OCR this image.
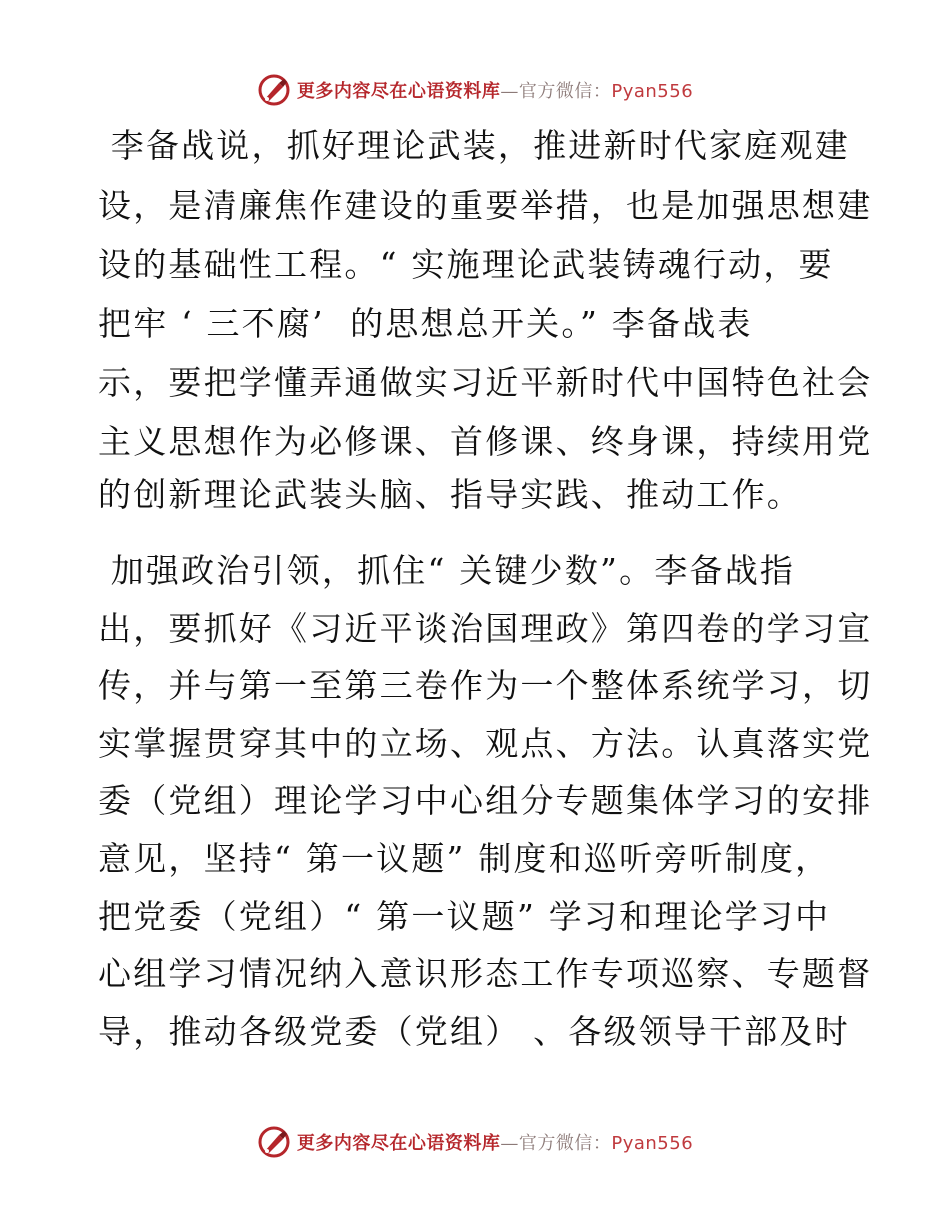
更多内容尽在心语资料库—官方微信：Pyan556
李备战说，抓好理论武装，推进新时代家庭观建
设，是清廉焦作建设的重要举措，也是加强思想建
设的基础性工程。“ 实施理论武装铸魂行动，要
把牢 ‘ 三不腐’  的思想总开关。” 李备战表
示，要把学懂弄通做实习近平新时代中国特色社会
主义思想作为必修课、首修课、终身课，持续用党
的创新理论武装头脑、指导实践、推动工作。
加强政治引领，抓住“ 关键少数”。李备战指
出，要抓好《习近平谈治国理政》第四卷的学习宣
传，并与第一至第三卷作为一个整体系统学习，切
实掌握贯穿其中的立场、观点、方法。认真落实党
委（党组）理论学习中心组分专题集体学习的安排
意见，坚持“ 第一议题” 制度和巡听旁听制度，
把党委（党组）“ 第一议题” 学习和理论学习中
心组学习情况纳入意识形态工作专项巡察、专题督
导，推动各级党委（党组） 、各级领导干部及时
更多内容尽在心语资料库—官方微信：Pyan556
